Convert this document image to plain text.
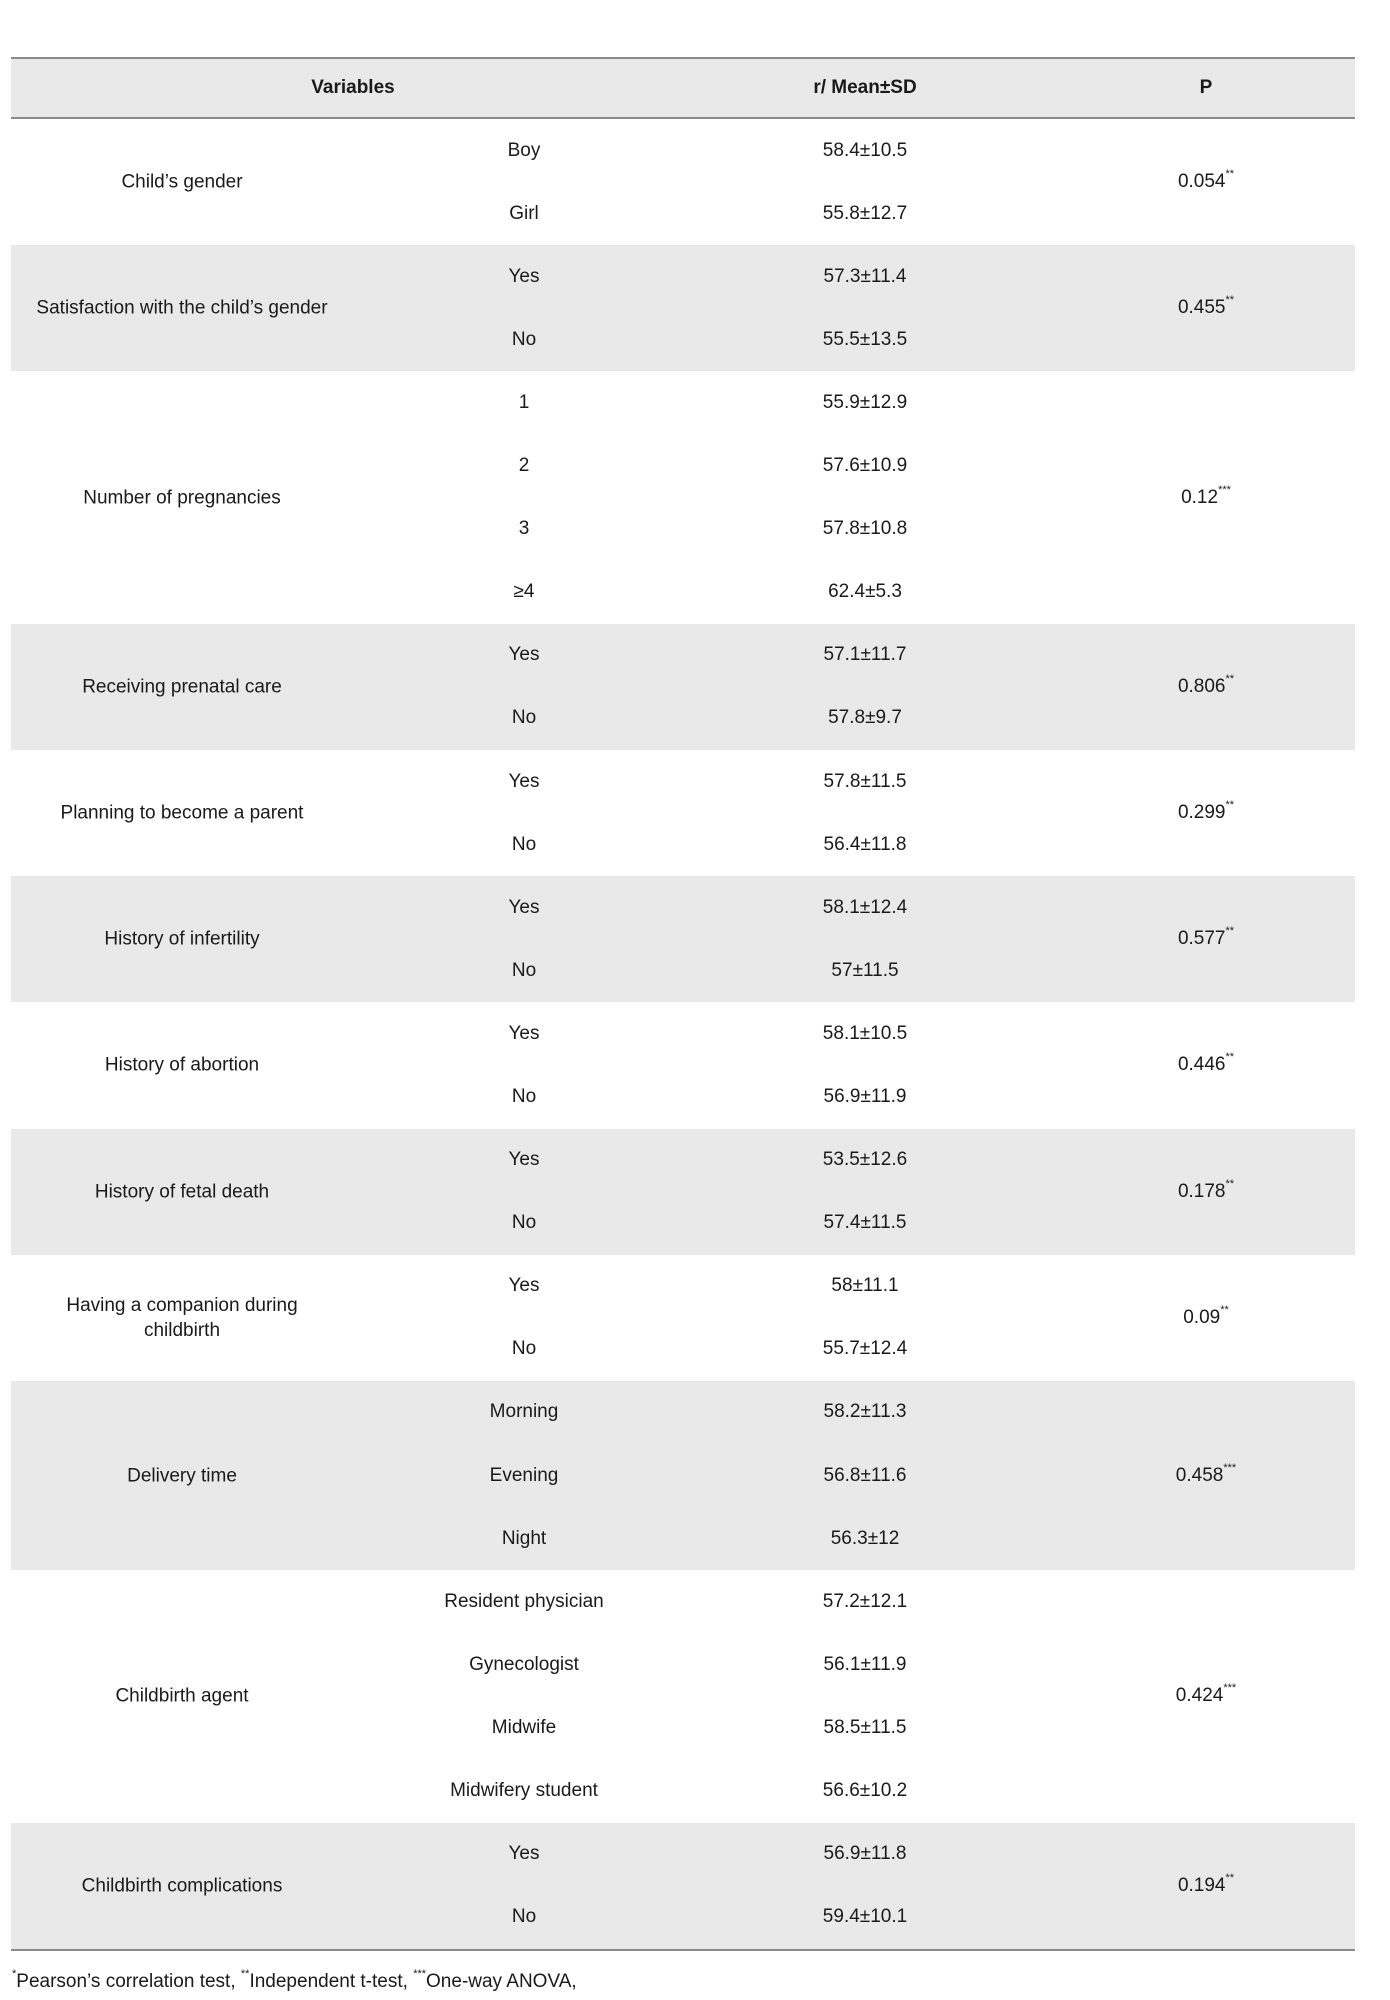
Variables	r/ Mean±SD	P
Child’s gender
Boy	58.4±10.5
Girl	55.8±12.7
0.054**
Satisfaction with the child’s gender
Yes	57.3±11.4
No	55.5±13.5
0.455**
Number of pregnancies
1	55.9±12.9
2	57.6±10.9
3	57.8±10.8
≥4	62.4±5.3
0.12***
Receiving prenatal care
Yes	57.1±11.7
No	57.8±9.7
0.806**
Planning to become a parent
Yes	57.8±11.5
No	56.4±11.8
0.299**
History of infertility
Yes	58.1±12.4
No	57±11.5
0.577**
History of abortion
Yes	58.1±10.5
No	56.9±11.9
0.446**
History of fetal death
Yes	53.5±12.6
No	57.4±11.5
0.178**
Having a companion during childbirth
Yes	58±11.1
No	55.7±12.4
0.09**
Delivery time
Morning	58.2±11.3
Evening	56.8±11.6
Night	56.3±12
0.458***
Childbirth agent
Resident physician	57.2±12.1
Gynecologist	56.1±11.9
Midwife	58.5±11.5
Midwifery student	56.6±10.2
0.424***
Childbirth complications
Yes	56.9±11.8
No	59.4±10.1
0.194**
*Pearson’s correlation test, **Independent t-test, ***One-way ANOVA,
